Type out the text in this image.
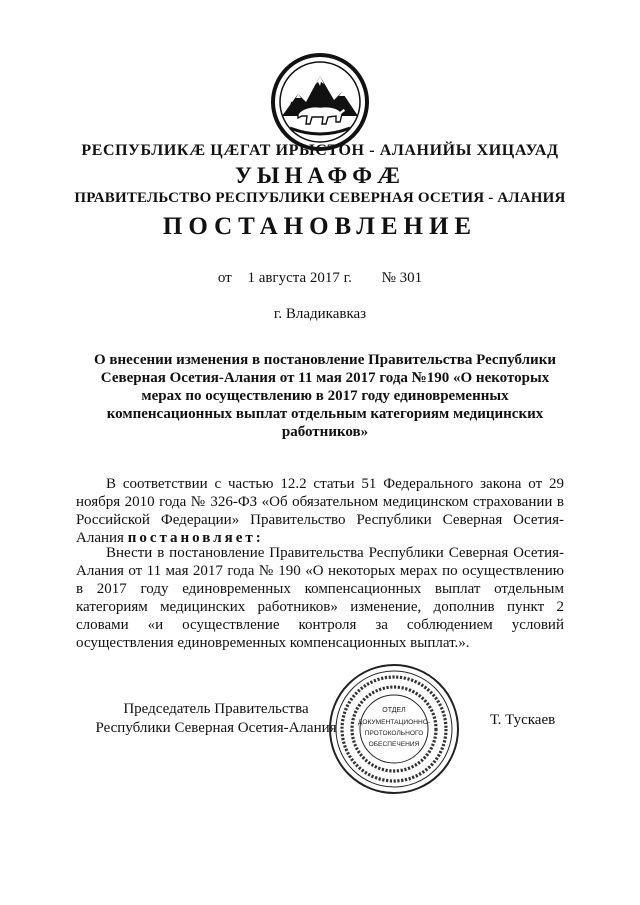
РЕСПУБЛИКӔ ЦӔГАТ ИРЫСТОН - АЛАНИЙЫ ХИЦАУАД
УЫНАФФӔ
ПРАВИТЕЛЬСТВО РЕСПУБЛИКИ СЕВЕРНАЯ ОСЕТИЯ - АЛАНИЯ
ПОСТАНОВЛЕНИЕ
от 1 августа 2017 г. № 301
г. Владикавказ
О внесении изменения в постановление Правительства Республики Северная Осетия-Алания от 11 мая 2017 года №190 «О некоторых мерах по осуществлению в 2017 году единовременных компенсационных выплат отдельным категориям медицинских работников»

В соответствии с частью 12.2 статьи 51 Федерального закона от 29 ноября 2010 года № 326-ФЗ «Об обязательном медицинском страховании в Российской Федерации» Правительство Республики Северная Осетия-Алания постановляет:

Внести в постановление Правительства Республики Северная Осетия-Алания от 11 мая 2017 года № 190 «О некоторых мерах по осуществлению в 2017 году единовременных компенсационных выплат отдельным категориям медицинских работников» изменение, дополнив пункт 2 словами «и осуществление контроля за соблюдением условий осуществления единовременных компенсационных выплат.».

Председатель Правительства
Республики Северная Осетия-Алания
ОТДЕЛ
ДОКУМЕНТАЦИОННО-
ПРОТОКОЛЬНОГО
ОБЕСПЕЧЕНИЯ
Т. Тускаев
